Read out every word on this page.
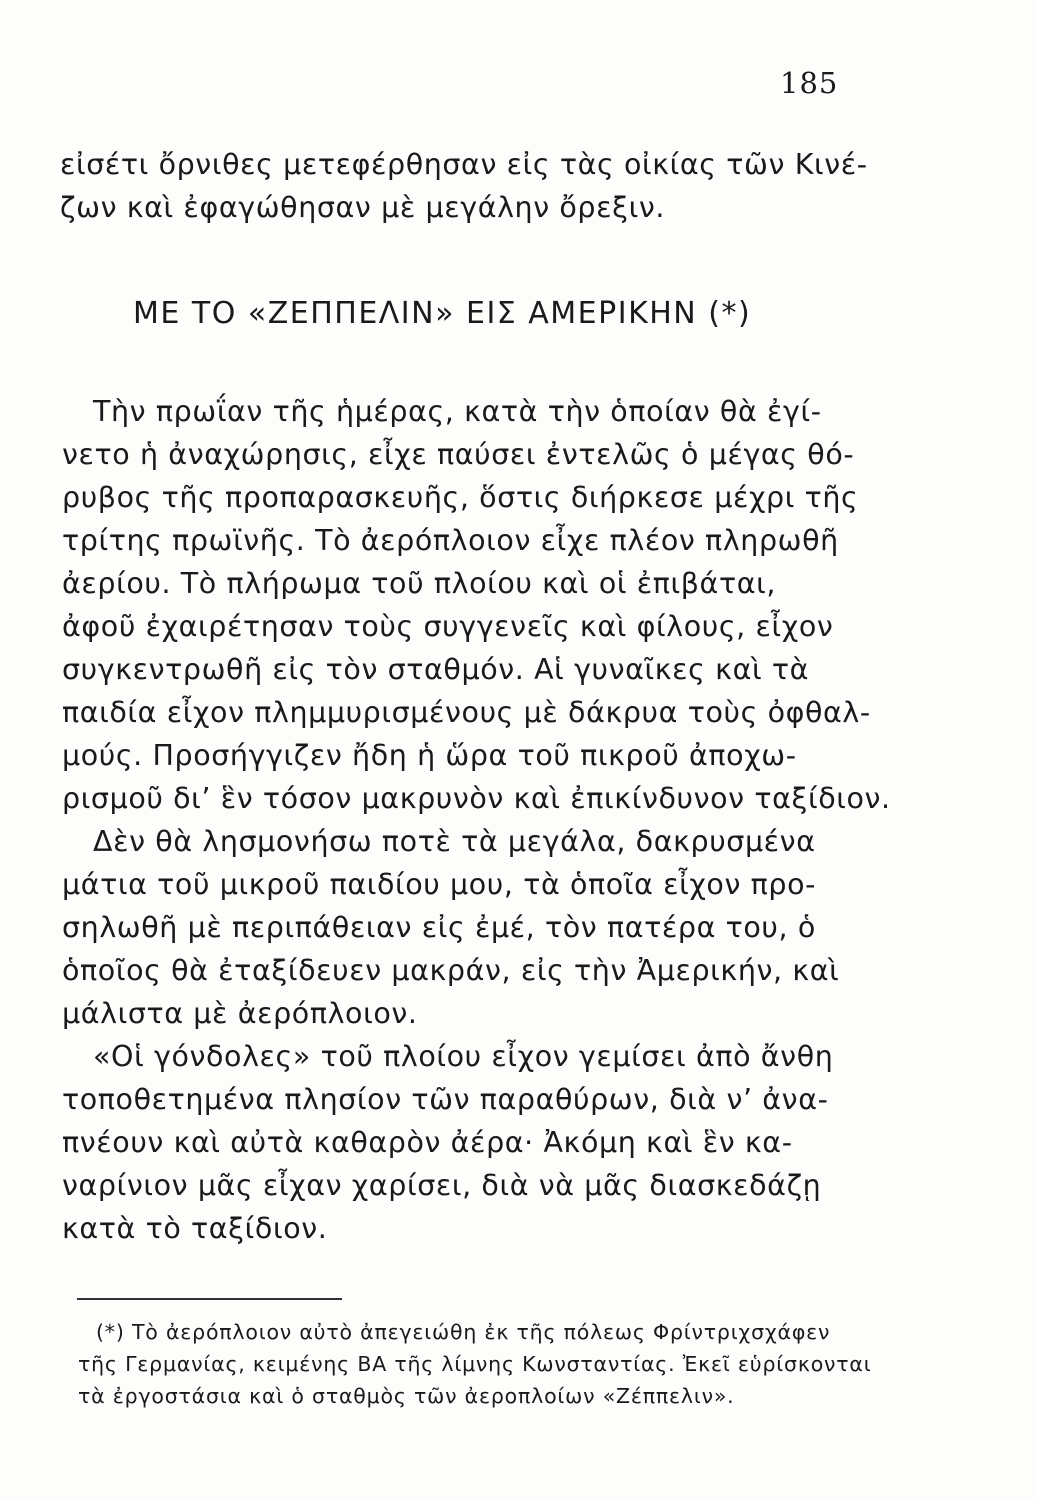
185
εἰσέτι ὄρνιθες μετεφέρθησαν εἰς τὰς οἰκίας τῶν Κινέ-
ζων καὶ ἐφαγώθησαν μὲ μεγάλην ὄρεξιν.
ΜΕ ΤΟ «ΖΕΠΠΕΛΙΝ» ΕΙΣ ΑΜΕΡΙΚΗΝ (*)
Τὴν πρωΐαν τῆς ἡμέρας, κατὰ τὴν ὁποίαν θὰ ἐγί-
νετο ἡ ἀναχώρησις, εἶχε παύσει ἐντελῶς ὁ μέγας θό-
ρυβος τῆς προπαρασκευῆς, ὅστις διήρκεσε μέχρι τῆς
τρίτης πρωϊνῆς. Τὸ ἀερόπλοιον εἶχε πλέον πληρωθῆ
ἀερίου. Τὸ πλήρωμα τοῦ πλοίου καὶ οἱ ἐπιβάται,
ἀφοῦ ἐχαιρέτησαν τοὺς συγγενεῖς καὶ φίλους, εἶχον
συγκεντρωθῆ εἰς τὸν σταθμόν. Αἱ γυναῖκες καὶ τὰ
παιδία εἶχον πλημμυρισμένους μὲ δάκρυα τοὺς ὀφθαλ-
μούς. Προσήγγιζεν ἤδη ἡ ὥρα τοῦ πικροῦ ἀποχω-
ρισμοῦ δι’ ἓν τόσον μακρυνὸν καὶ ἐπικίνδυνον ταξίδιον.
Δὲν θὰ λησμονήσω ποτὲ τὰ μεγάλα, δακρυσμένα
μάτια τοῦ μικροῦ παιδίου μου, τὰ ὁποῖα εἶχον προ-
σηλωθῆ μὲ περιπάθειαν εἰς ἐμέ, τὸν πατέρα του, ὁ
ὁποῖος θὰ ἐταξίδευεν μακράν, εἰς τὴν Ἀμερικήν, καὶ
μάλιστα μὲ ἀερόπλοιον.
«Οἱ γόνδολες» τοῦ πλοίου εἶχον γεμίσει ἀπὸ ἄνθη
τοποθετημένα πλησίον τῶν παραθύρων, διὰ ν’ ἀνα-
πνέουν καὶ αὐτὰ καθαρὸν ἀέρα· Ἀκόμη καὶ ἓν κα-
ναρίνιον μᾶς εἶχαν χαρίσει, διὰ νὰ μᾶς διασκεδάζῃ
κατὰ τὸ ταξίδιον.
(*) Τὸ ἀερόπλοιον αὐτὸ ἀπεγειώθη ἐκ τῆς πόλεως Φρίντριχσχάφεν
τῆς Γερμανίας, κειμένης ΒΑ τῆς λίμνης Κωνσταντίας. Ἐκεῖ εὑρίσκονται
τὰ ἐργοστάσια καὶ ὁ σταθμὸς τῶν ἀεροπλοίων «Ζέππελιν».
